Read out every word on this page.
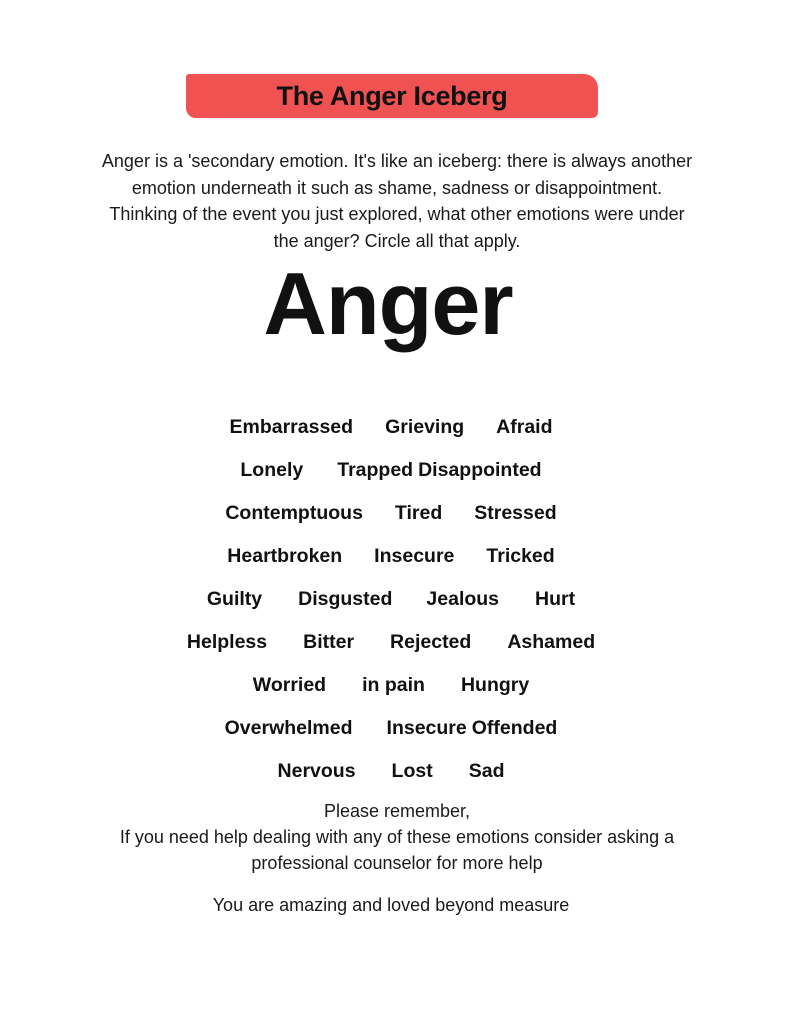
The Anger Iceberg
Anger is a 'secondary emotion. It's like an iceberg: there is always another
emotion underneath it such as shame, sadness or disappointment.
Thinking of the event you just explored, what other emotions were under
the anger? Circle all that apply.
Anger
Embarrassed Grieving Afraid
Lonely Trapped Disappointed
Contemptuous Tired Stressed
Heartbroken Insecure Tricked
Guilty Disgusted Jealous Hurt
Helpless Bitter Rejected Ashamed
Worried in pain Hungry
Overwhelmed Insecure Offended
Nervous Lost Sad
Please remember,
If you need help dealing with any of these emotions consider asking a
professional counselor for more help
You are amazing and loved beyond measure
